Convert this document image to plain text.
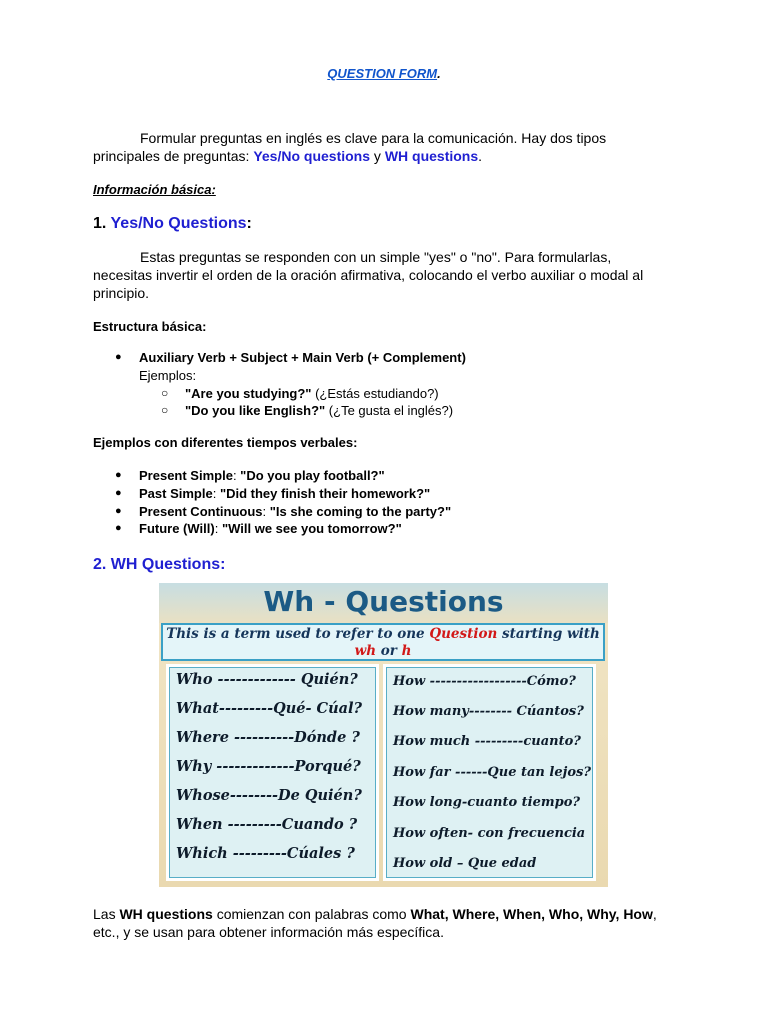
QUESTION FORM.
Formular preguntas en inglés es clave para la comunicación. Hay dos tipos principales de preguntas: Yes/No questions y WH questions.
Información básica:
1. Yes/No Questions:
Estas preguntas se responden con un simple "yes" o "no". Para formularlas, necesitas invertir el orden de la oración afirmativa, colocando el verbo auxiliar o modal al principio.
Estructura básica:
● Auxiliary Verb + Subject + Main Verb (+ Complement)
Ejemplos:
○ "Are you studying?" (¿Estás estudiando?)
○ "Do you like English?" (¿Te gusta el inglés?)
Ejemplos con diferentes tiempos verbales:
● Present Simple: "Do you play football?"
● Past Simple: "Did they finish their homework?"
● Present Continuous: "Is she coming to the party?"
● Future (Will): "Will we see you tomorrow?"
2. WH Questions:
Wh - Questions
This is a term used to refer to one Question starting with
wh or h
Who ------------- Quién?
What---------Qué- Cúal?
Where ----------Dónde ?
Why -------------Porqué?
Whose--------De Quién?
When ---------Cuando ?
Which ---------Cúales ?
How ------------------Cómo?
How many-------- Cúantos?
How much ---------cuanto?
How far ------Que tan lejos?
How long-cuanto tiempo?
How often- con frecuencia
How old – Que edad
Las WH questions comienzan con palabras como What, Where, When, Who, Why, How, etc., y se usan para obtener información más específica.
